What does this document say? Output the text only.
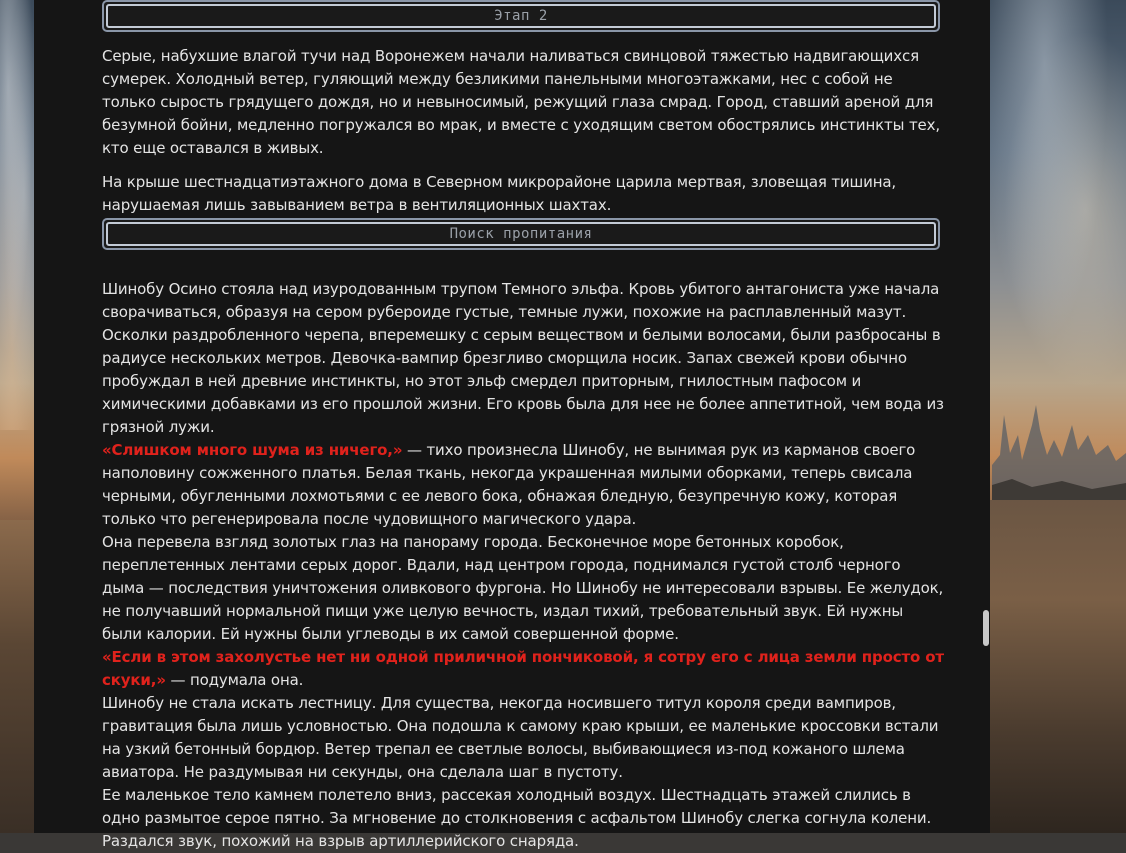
Этап 2

Серые, набухшие влагой тучи над Воронежем начали наливаться свинцовой тяжестью надвигающихся сумерек. Холодный ветер, гуляющий между безликими панельными многоэтажками, нес с собой не только сырость грядущего дождя, но и невыносимый, режущий глаза смрад. Город, ставший ареной для безумной бойни, медленно погружался во мрак, и вместе с уходящим светом обострялись инстинкты тех, кто еще оставался в живых.

На крыше шестнадцатиэтажного дома в Северном микрорайоне царила мертвая, зловещая тишина, нарушаемая лишь завыванием ветра в вентиляционных шахтах.

Поиск пропитания
Шинобу Осино стояла над изуродованным трупом Темного эльфа. Кровь убитого антагониста уже начала сворачиваться, образуя на сером рубероиде густые, темные лужи, похожие на расплавленный мазут. Осколки раздробленного черепа, вперемешку с серым веществом и белыми волосами, были разбросаны в радиусе нескольких метров. Девочка-вампир брезгливо сморщила носик. Запах свежей крови обычно пробуждал в ней древние инстинкты, но этот эльф смердел приторным, гнилостным пафосом и химическими добавками из его прошлой жизни. Его кровь была для нее не более аппетитной, чем вода из грязной лужи.
«Слишком много шума из ничего,» — тихо произнесла Шинобу, не вынимая рук из карманов своего наполовину сожженного платья. Белая ткань, некогда украшенная милыми оборками, теперь свисала черными, обугленными лохмотьями с ее левого бока, обнажая бледную, безупречную кожу, которая только что регенерировала после чудовищного магического удара.
Она перевела взгляд золотых глаз на панораму города. Бесконечное море бетонных коробок, переплетенных лентами серых дорог. Вдали, над центром города, поднимался густой столб черного дыма — последствия уничтожения оливкового фургона. Но Шинобу не интересовали взрывы. Ее желудок, не получавший нормальной пищи уже целую вечность, издал тихий, требовательный звук. Ей нужны были калории. Ей нужны были углеводы в их самой совершенной форме.
«Если в этом захолустье нет ни одной приличной пончиковой, я сотру его с лица земли просто от скуки,» — подумала она.
Шинобу не стала искать лестницу. Для существа, некогда носившего титул короля среди вампиров, гравитация была лишь условностью. Она подошла к самому краю крыши, ее маленькие кроссовки встали на узкий бетонный бордюр. Ветер трепал ее светлые волосы, выбивающиеся из-под кожаного шлема авиатора. Не раздумывая ни секунды, она сделала шаг в пустоту.
Ее маленькое тело камнем полетело вниз, рассекая холодный воздух. Шестнадцать этажей слились в одно размытое серое пятно. За мгновение до столкновения с асфальтом Шинобу слегка согнула колени.
Раздался звук, похожий на взрыв артиллерийского снаряда.
